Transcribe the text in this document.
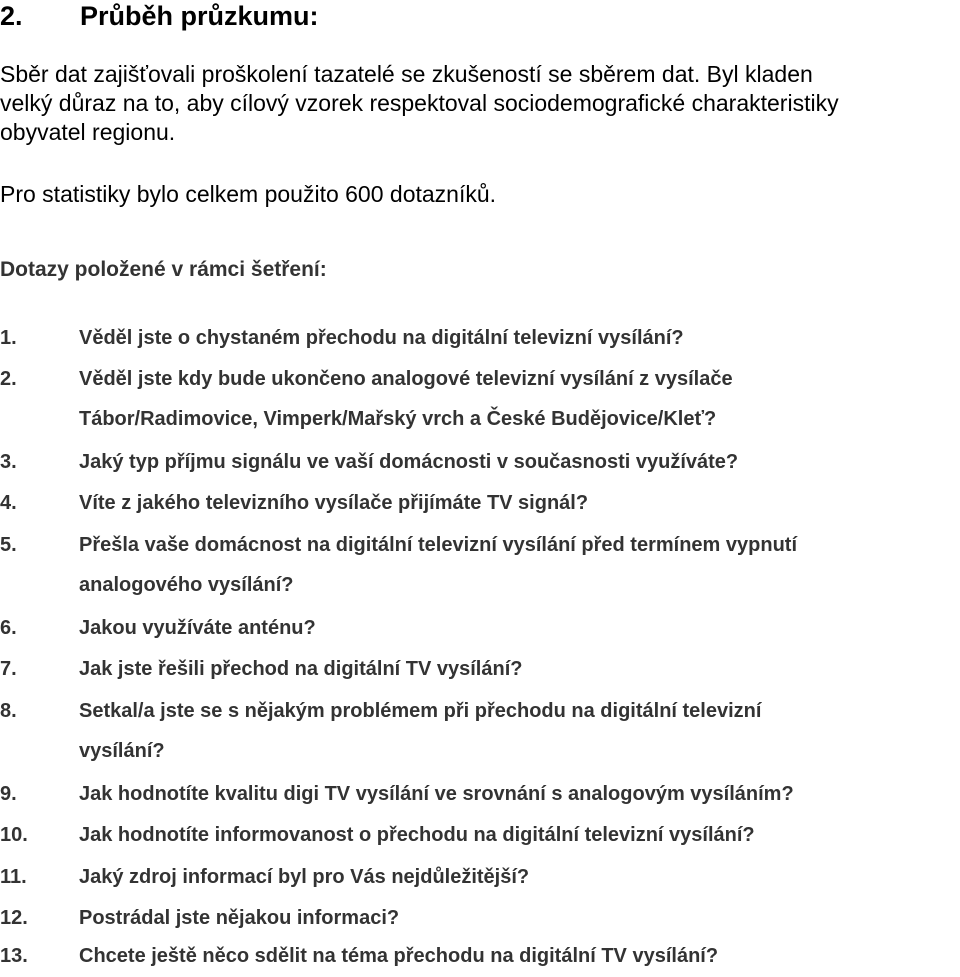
2. Průběh průzkumu:
Sběr dat zajišťovali proškolení tazatelé se zkušeností se sběrem dat. Byl kladen
velký důraz na to, aby cílový vzorek respektoval sociodemografické charakteristiky
obyvatel regionu.
Pro statistiky bylo celkem použito 600 dotazníků.
Dotazy položené v rámci šetření:
1.	Věděl jste o chystaném přechodu na digitální televizní vysílání?
2.	Věděl jste kdy bude ukončeno analogové televizní vysílání z vysílače
Tábor/Radimovice, Vimperk/Mařský vrch a České Budějovice/Kleť?
3.	Jaký typ příjmu signálu ve vaší domácnosti v současnosti využíváte?
4.	Víte z jakého televizního vysílače přijímáte TV signál?
5.	Přešla vaše domácnost na digitální televizní vysílání před termínem vypnutí
analogového vysílání?
6.	Jakou využíváte anténu?
7.	Jak jste řešili přechod na digitální TV vysílání?
8.	Setkal/a jste se s nějakým problémem při přechodu na digitální televizní
vysílání?
9.	Jak hodnotíte kvalitu digi TV vysílání ve srovnání s analogovým vysíláním?
10.	Jak hodnotíte informovanost o přechodu na digitální televizní vysílání?
11.	Jaký zdroj informací byl pro Vás nejdůležitější?
12.	Postrádal jste nějakou informaci?
13.	Chcete ještě něco sdělit na téma přechodu na digitální TV vysílání?
